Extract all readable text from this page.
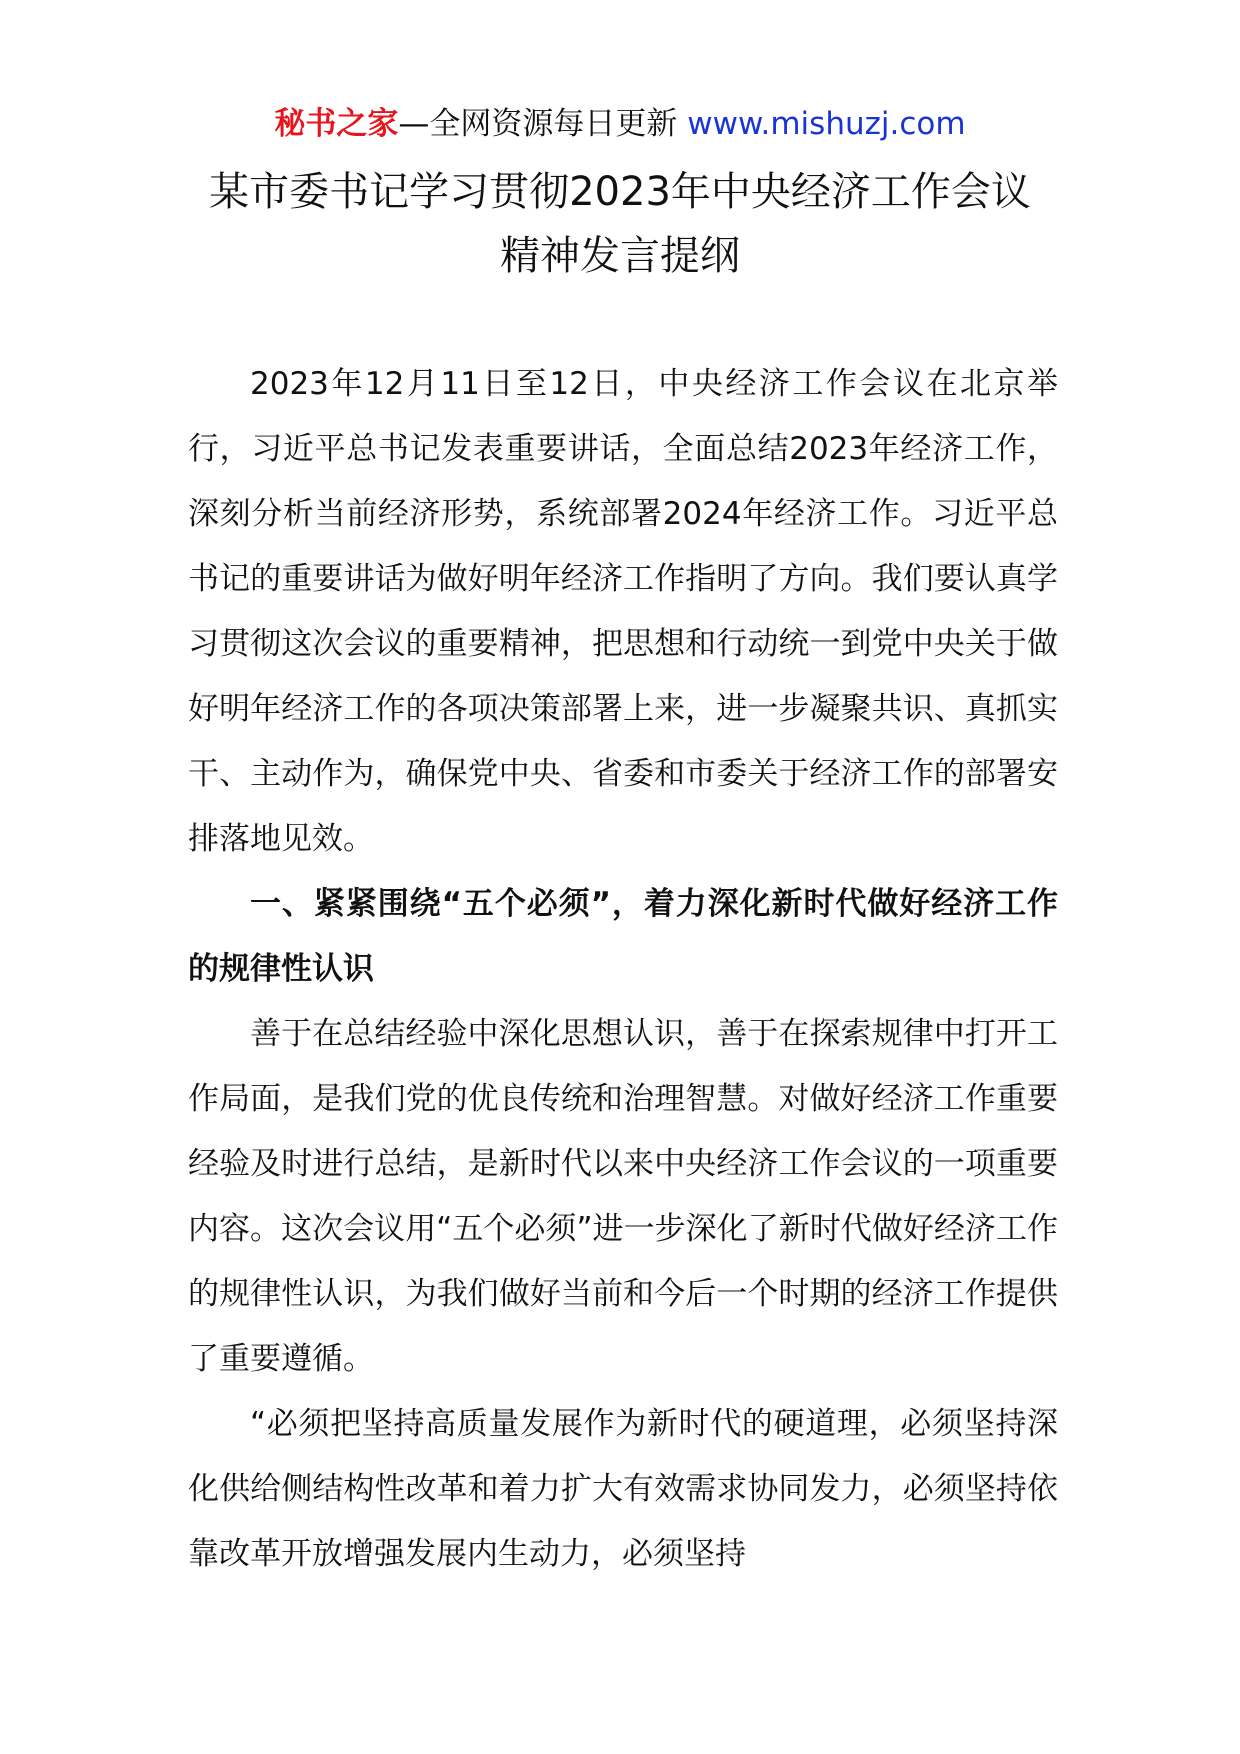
秘书之家—全网资源每日更新 www.mishuzj.com
某市委书记学习贯彻2023年中央经济工作会议
精神发言提纲

2023年12月11日至12日，中央经济工作会议在北京举行，习近平总书记发表重要讲话，全面总结2023年经济工作，深刻分析当前经济形势，系统部署2024年经济工作。习近平总书记的重要讲话为做好明年经济工作指明了方向。我们要认真学习贯彻这次会议的重要精神，把思想和行动统一到党中央关于做好明年经济工作的各项决策部署上来，进一步凝聚共识、真抓实干、主动作为，确保党中央、省委和市委关于经济工作的部署安排落地见效。

一、紧紧围绕“五个必须”，着力深化新时代做好经济工作的规律性认识

善于在总结经验中深化思想认识，善于在探索规律中打开工作局面，是我们党的优良传统和治理智慧。对做好经济工作重要经验及时进行总结，是新时代以来中央经济工作会议的一项重要内容。这次会议用“五个必须”进一步深化了新时代做好经济工作的规律性认识，为我们做好当前和今后一个时期的经济工作提供了重要遵循。

“必须把坚持高质量发展作为新时代的硬道理，必须坚持深化供给侧结构性改革和着力扩大有效需求协同发力，必须坚持依靠改革开放增强发展内生动力，必须坚持
